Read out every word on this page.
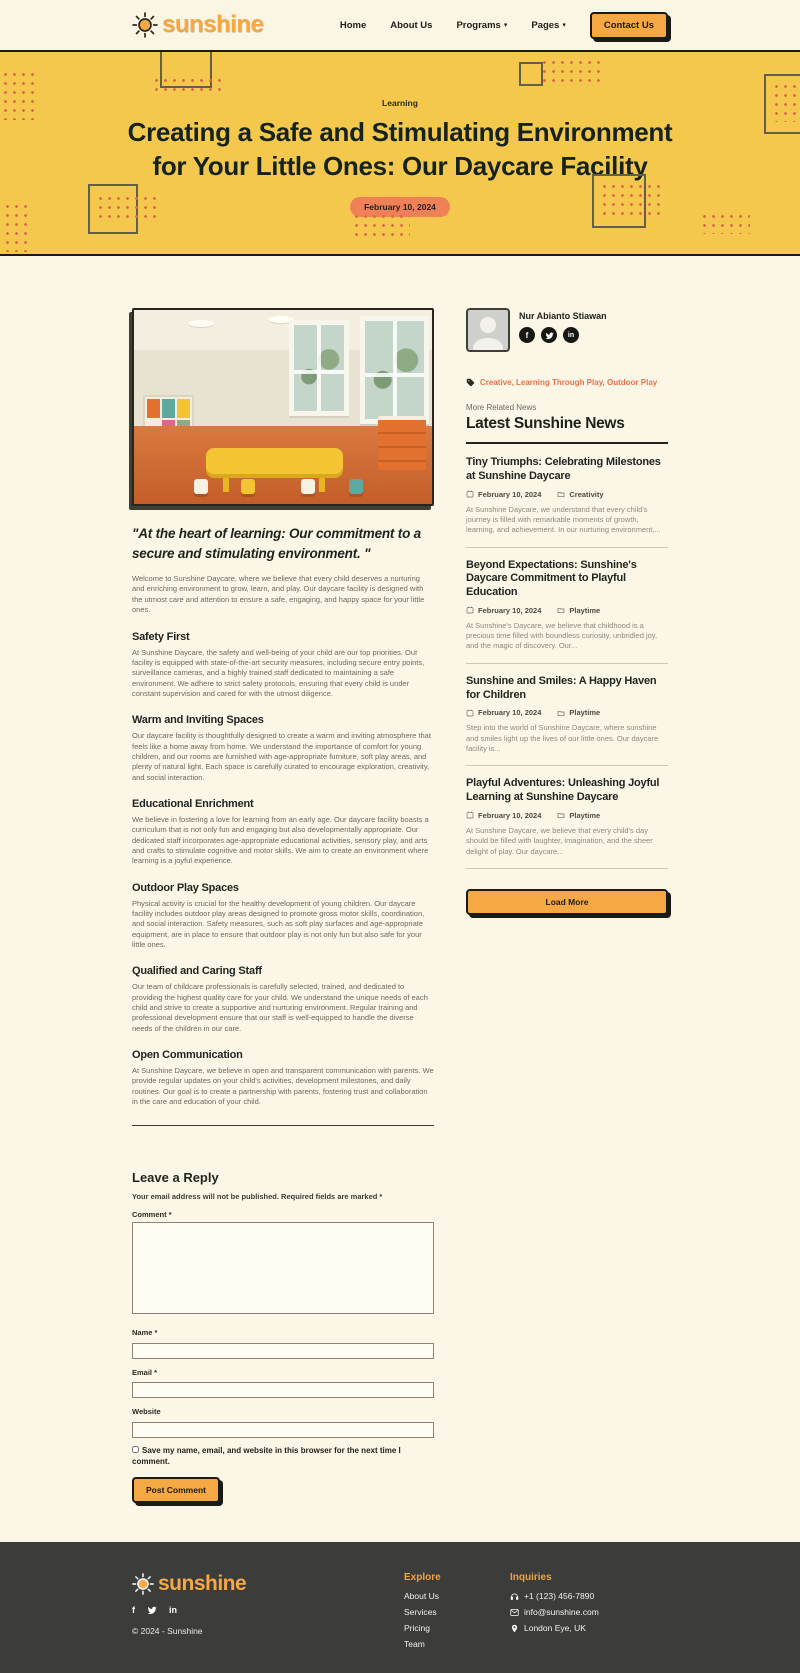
sunshine	Home	About Us	Programs ▾	Pages ▾	Contact Us
Learning
Creating a Safe and Stimulating Environment
for Your Little Ones: Our Daycare Facility
February 10, 2024
"At the heart of learning: Our commitment to a secure and stimulating environment. "

Welcome to Sunshine Daycare, where we believe that every child deserves a nurturing and enriching environment to grow, learn, and play. Our daycare facility is designed with the utmost care and attention to ensure a safe, engaging, and happy space for your little ones.

Safety First

At Sunshine Daycare, the safety and well-being of your child are our top priorities. Our facility is equipped with state-of-the-art security measures, including secure entry points, surveillance cameras, and a highly trained staff dedicated to maintaining a safe environment. We adhere to strict safety protocols, ensuring that every child is under constant supervision and cared for with the utmost diligence.

Warm and Inviting Spaces

Our daycare facility is thoughtfully designed to create a warm and inviting atmosphere that feels like a home away from home. We understand the importance of comfort for young children, and our rooms are furnished with age-appropriate furniture, soft play areas, and plenty of natural light. Each space is carefully curated to encourage exploration, creativity, and social interaction.

Educational Enrichment

We believe in fostering a love for learning from an early age. Our daycare facility boasts a curriculum that is not only fun and engaging but also developmentally appropriate. Our dedicated staff incorporates age-appropriate educational activities, sensory play, and arts and crafts to stimulate cognitive and motor skills. We aim to create an environment where learning is a joyful experience.

Outdoor Play Spaces

Physical activity is crucial for the healthy development of young children. Our daycare facility includes outdoor play areas designed to promote gross motor skills, coordination, and social interaction. Safety measures, such as soft play surfaces and age-appropriate equipment, are in place to ensure that outdoor play is not only fun but also safe for your little ones.

Qualified and Caring Staff

Our team of childcare professionals is carefully selected, trained, and dedicated to providing the highest quality care for your child. We understand the unique needs of each child and strive to create a supportive and nurturing environment. Regular training and professional development ensure that our staff is well-equipped to handle the diverse needs of the children in our care.

Open Communication

At Sunshine Daycare, we believe in open and transparent communication with parents. We provide regular updates on your child's activities, development milestones, and daily routines. Our goal is to create a partnership with parents, fostering trust and collaboration in the care and education of your child.

Leave a Reply
Your email address will not be published. Required fields are marked *
Comment *
Name *
Email *
Website
Save my name, email, and website in this browser for the next time I comment.
Post Comment
Nur Abianto Stiawan
f	in
Creative, Learning Through Play, Outdoor Play
More Related News
Latest Sunshine News
Tiny Triumphs: Celebrating Milestones at Sunshine Daycare
February 10, 2024	Creativity
At Sunshine Daycare, we understand that every child's journey is filled with remarkable moments of growth, learning, and achievement. In our nurturing environment,...
Beyond Expectations: Sunshine's Daycare Commitment to Playful Education
February 10, 2024	Playtime
At Sunshine's Daycare, we believe that childhood is a precious time filled with boundless curiosity, unbridled joy, and the magic of discovery. Our...
Sunshine and Smiles: A Happy Haven for Children
February 10, 2024	Playtime
Step into the world of Sunshine Daycare, where sunshine and smiles light up the lives of our little ones. Our daycare facility is...
Playful Adventures: Unleashing Joyful Learning at Sunshine Daycare
February 10, 2024	Playtime
At Sunshine Daycare, we believe that every child's day should be filled with laughter, imagination, and the sheer delight of play. Our daycare...
Load More
sunshine
f	in
© 2024 - Sunshine
Explore
About Us
Services
Pricing
Team
Inquiries
+1 (123) 456-7890
info@sunshine.com
London Eye, UK
